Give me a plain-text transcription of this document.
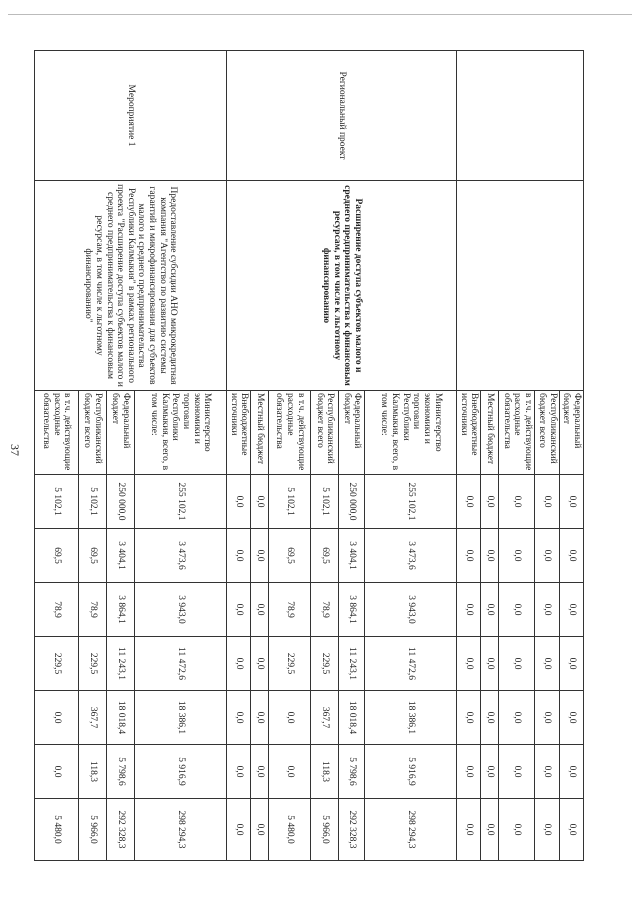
37
		Федеральный бюджет	0,0	0,0	0,0	0,0	0,0	0,0	0,0
		Республиканский бюджет всего	0,0	0,0	0,0	0,0	0,0	0,0	0,0
		в т.ч. действующие расходные обязательства	0,0	0,0	0,0	0,0	0,0	0,0	0,0
		Местный бюджет	0,0	0,0	0,0	0,0	0,0	0,0	0,0
		Внебюджетные источники	0,0	0,0	0,0	0,0	0,0	0,0	0,0
Региональный проект	Расширение доступа субъектов малого и среднего предпринимательства к финансовым ресурсам, в том числе к льготному финансированию	Министерство экономики и торговли Республики Калмыкия, всего, в том числе:	255 102,1	3 473,6	3 943,0	11 472,6	18 386,1	5 916,9	298 294,3
		Федеральный бюджет	250 000,0	3 404,1	3 864,1	11 243,1	18 018,4	5 798,6	292 328,3
		Республиканский бюджет всего	5 102,1	69,5	78,9	229,5	367,7	118,3	5 966,0
		в т.ч. действующие расходные обязательства	5 102,1	69,5	78,9	229,5	0,0	0,0	5 480,0
		Местный бюджет	0,0	0,0	0,0	0,0	0,0	0,0	0,0
		Внебюджетные источники	0,0	0,0	0,0	0,0	0,0	0,0	0,0
Мероприятие 1	Предоставление субсидии АНО микрокредитная компания "Агентство по развитию системы гарантий и микрофинансирования для субъектов малого и среднего предпринимательства Республики Калмыкия" в рамках регионального проекта "Расширение доступа субъектов малого и среднего предпринимательства к финансовым ресурсам, в том числе к льготному финансированию"	Министерство экономики и торговли Республики Калмыкия, всего, в том числе:	255 102,1	3 473,6	3 943,0	11 472,6	18 386,1	5 916,9	298 294,3
		Федеральный бюджет	250 000,0	3 404,1	3 864,1	11 243,1	18 018,4	5 798,6	292 328,3
		Республиканский бюджет всего	5 102,1	69,5	78,9	229,5	367,7	118,3	5 966,0
		в т.ч. действующие расходные обязательства	5 102,1	69,5	78,9	229,5	0,0	0,0	5 480,0
